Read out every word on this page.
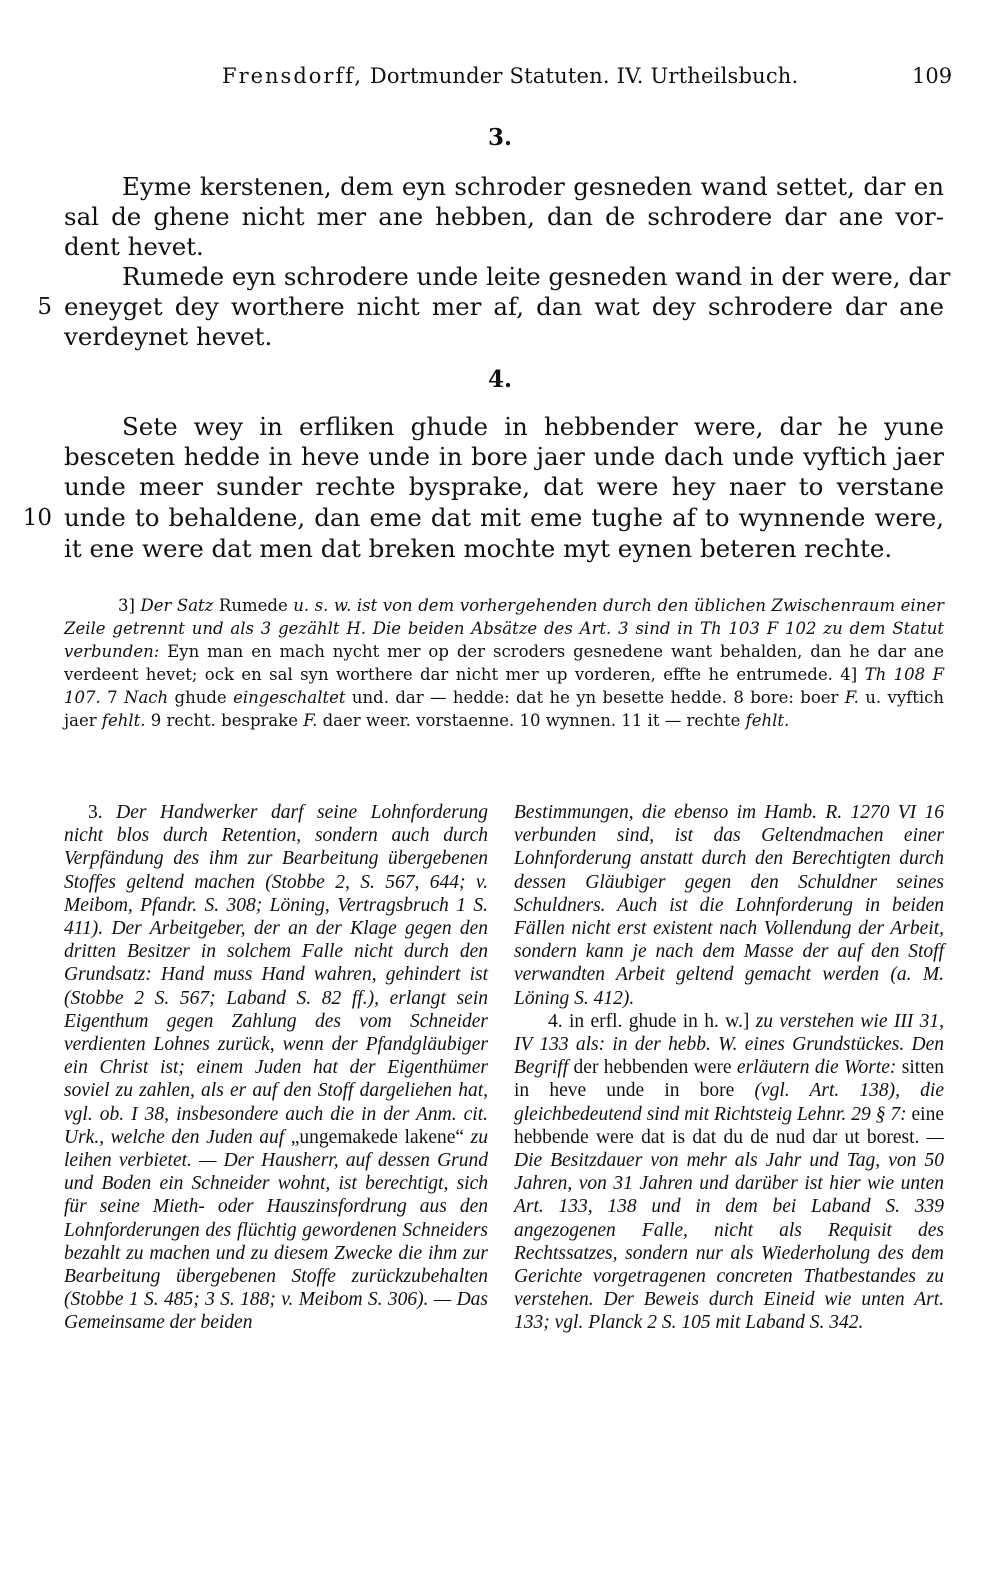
Frensdorff, Dortmunder Statuten. IV. Urtheilsbuch.	109
3.
Eyme kerstenen, dem eyn schroder gesneden wand settet, dar en
sal de ghene nicht mer ane hebben, dan de schrodere dar ane vor-
dent hevet.
Rumede eyn schrodere unde leite gesneden wand in der were, dar
eneyget dey worthere nicht mer af, dan wat dey schrodere dar ane
verdeynet hevet.
5
4.
Sete wey in erfliken ghude in hebbender were, dar he yune
besceten hedde in heve unde in bore jaer unde dach unde vyftich jaer
unde meer sunder rechte bysprake, dat were hey naer to verstane
unde to behaldene, dan eme dat mit eme tughe af to wynnende were,
it ene were dat men dat breken mochte myt eynen beteren rechte.
10
3] Der Satz Rumede u. s. w. ist von dem vorhergehenden durch den üblichen Zwischenraum einer Zeile getrennt und als 3 gezählt H. Die beiden Absätze des Art. 3 sind in Th 103 F 102 zu dem Statut verbunden: Eyn man en mach nycht mer op der scroders gesnedene want behalden, dan he dar ane verdeent hevet; ock en sal syn worthere dar nicht mer up vorderen, effte he entrumede. 4] Th 108 F 107. 7 Nach ghude eingeschaltet und. dar — hedde: dat he yn besette hedde. 8 bore: boer F. u. vyftich jaer fehlt. 9 recht. besprake F. daer weer. vorstaenne. 10 wynnen. 11 it — rechte fehlt.

3. Der Handwerker darf seine Lohnforderung nicht blos durch Retention, sondern auch durch Verpfändung des ihm zur Bearbeitung übergebenen Stoffes geltend machen (Stobbe 2, S. 567, 644; v. Meibom, Pfandr. S. 308; Löning, Vertragsbruch 1 S. 411). Der Arbeitgeber, der an der Klage gegen den dritten Besitzer in solchem Falle nicht durch den Grundsatz: Hand muss Hand wahren, gehindert ist (Stobbe 2 S. 567; Laband S. 82 ff.), erlangt sein Eigenthum gegen Zahlung des vom Schneider verdienten Lohnes zurück, wenn der Pfandgläubiger ein Christ ist; einem Juden hat der Eigenthümer soviel zu zahlen, als er auf den Stoff dargeliehen hat, vgl. ob. I 38, insbesondere auch die in der Anm. cit. Urk., welche den Juden auf „ungemakede lakene“ zu leihen verbietet. — Der Hausherr, auf dessen Grund und Boden ein Schneider wohnt, ist berechtigt, sich für seine Mieth- oder Hauszinsfordrung aus den Lohnforderungen des flüchtig gewordenen Schneiders bezahlt zu machen und zu diesem Zwecke die ihm zur Bearbeitung übergebenen Stoffe zurückzubehalten (Stobbe 1 S. 485; 3 S. 188; v. Meibom S. 306). — Das Gemeinsame der beiden

Bestimmungen, die ebenso im Hamb. R. 1270 VI 16 verbunden sind, ist das Geltendmachen einer Lohnforderung anstatt durch den Berechtigten durch dessen Gläubiger gegen den Schuldner seines Schuldners. Auch ist die Lohnforderung in beiden Fällen nicht erst existent nach Vollendung der Arbeit, sondern kann je nach dem Masse der auf den Stoff verwandten Arbeit geltend gemacht werden (a. M. Löning S. 412).

4. in erfl. ghude in h. w.] zu verstehen wie III 31, IV 133 als: in der hebb. W. eines Grundstückes. Den Begriff der hebbenden were erläutern die Worte: sitten in heve unde in bore (vgl. Art. 138), die gleichbedeutend sind mit Richtsteig Lehnr. 29 § 7: eine hebbende were dat is dat du de nud dar ut borest. — Die Besitzdauer von mehr als Jahr und Tag, von 50 Jahren, von 31 Jahren und darüber ist hier wie unten Art. 133, 138 und in dem bei Laband S. 339 angezogenen Falle, nicht als Requisit des Rechtssatzes, sondern nur als Wiederholung des dem Gerichte vorgetragenen concreten Thatbestandes zu verstehen. Der Beweis durch Eineid wie unten Art. 133; vgl. Planck 2 S. 105 mit Laband S. 342.
